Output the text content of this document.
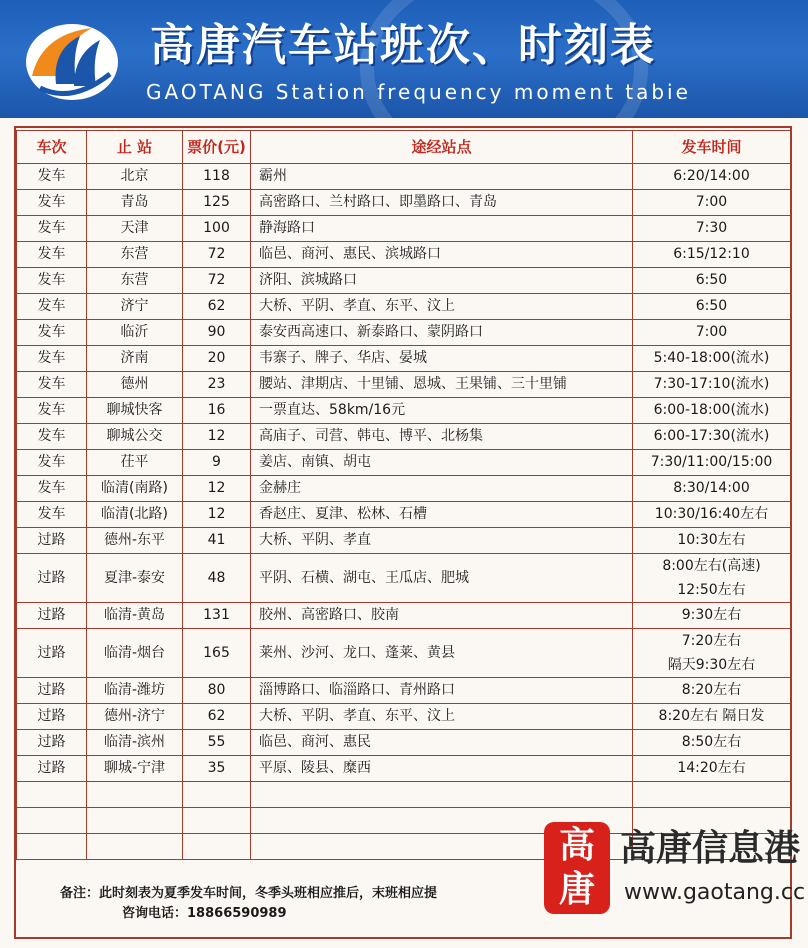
高唐汽车站班次、时刻表
GAOTANG Station frequency moment tabie
车次	止 站	票价(元)	途经站点	发车时间
发车	北京	118	霸州	6:20/14:00
发车	青岛	125	高密路口、兰村路口、即墨路口、青岛	7:00
发车	天津	100	静海路口	7:30
发车	东营	72	临邑、商河、惠民、滨城路口	6:15/12:10
发车	东营	72	济阳、滨城路口	6:50
发车	济宁	62	大桥、平阴、孝直、东平、汶上	6:50
发车	临沂	90	泰安西高速口、新泰路口、蒙阴路口	7:00
发车	济南	20	韦寨子、牌子、华店、晏城	5:40-18:00(流水)
发车	德州	23	腰站、津期店、十里铺、恩城、王果铺、三十里铺	7:30-17:10(流水)
发车	聊城快客	16	一票直达、58km/16元	6:00-18:00(流水)
发车	聊城公交	12	高庙子、司营、韩屯、博平、北杨集	6:00-17:30(流水)
发车	茌平	9	姜店、南镇、胡屯	7:30/11:00/15:00
发车	临清(南路)	12	金赫庄	8:30/14:00
发车	临清(北路)	12	香赵庄、夏津、松林、石槽	10:30/16:40左右
过路	德州-东平	41	大桥、平阴、孝直	10:30左右
过路	夏津-泰安	48	平阴、石横、湖屯、王瓜店、肥城	8:00左右(高速)
12:50左右

过路	临清-黄岛	131	胶州、高密路口、胶南	9:30左右
过路	临清-烟台	165	莱州、沙河、龙口、蓬莱、黄县	7:20左右
隔天9:30左右

过路	临清-潍坊	80	淄博路口、临淄路口、青州路口	8:20左右
过路	德州-济宁	62	大桥、平阴、孝直、东平、汶上	8:20左右 隔日发
过路	临清-滨州	55	临邑、商河、惠民	8:50左右
过路	聊城-宁津	35	平原、陵县、糜西	14:20左右

备注：此时刻表为夏季发车时间，冬季头班相应推后，末班相应提
咨询电话：18866590989
高唐
高唐信息港
www.gaotang.cc
